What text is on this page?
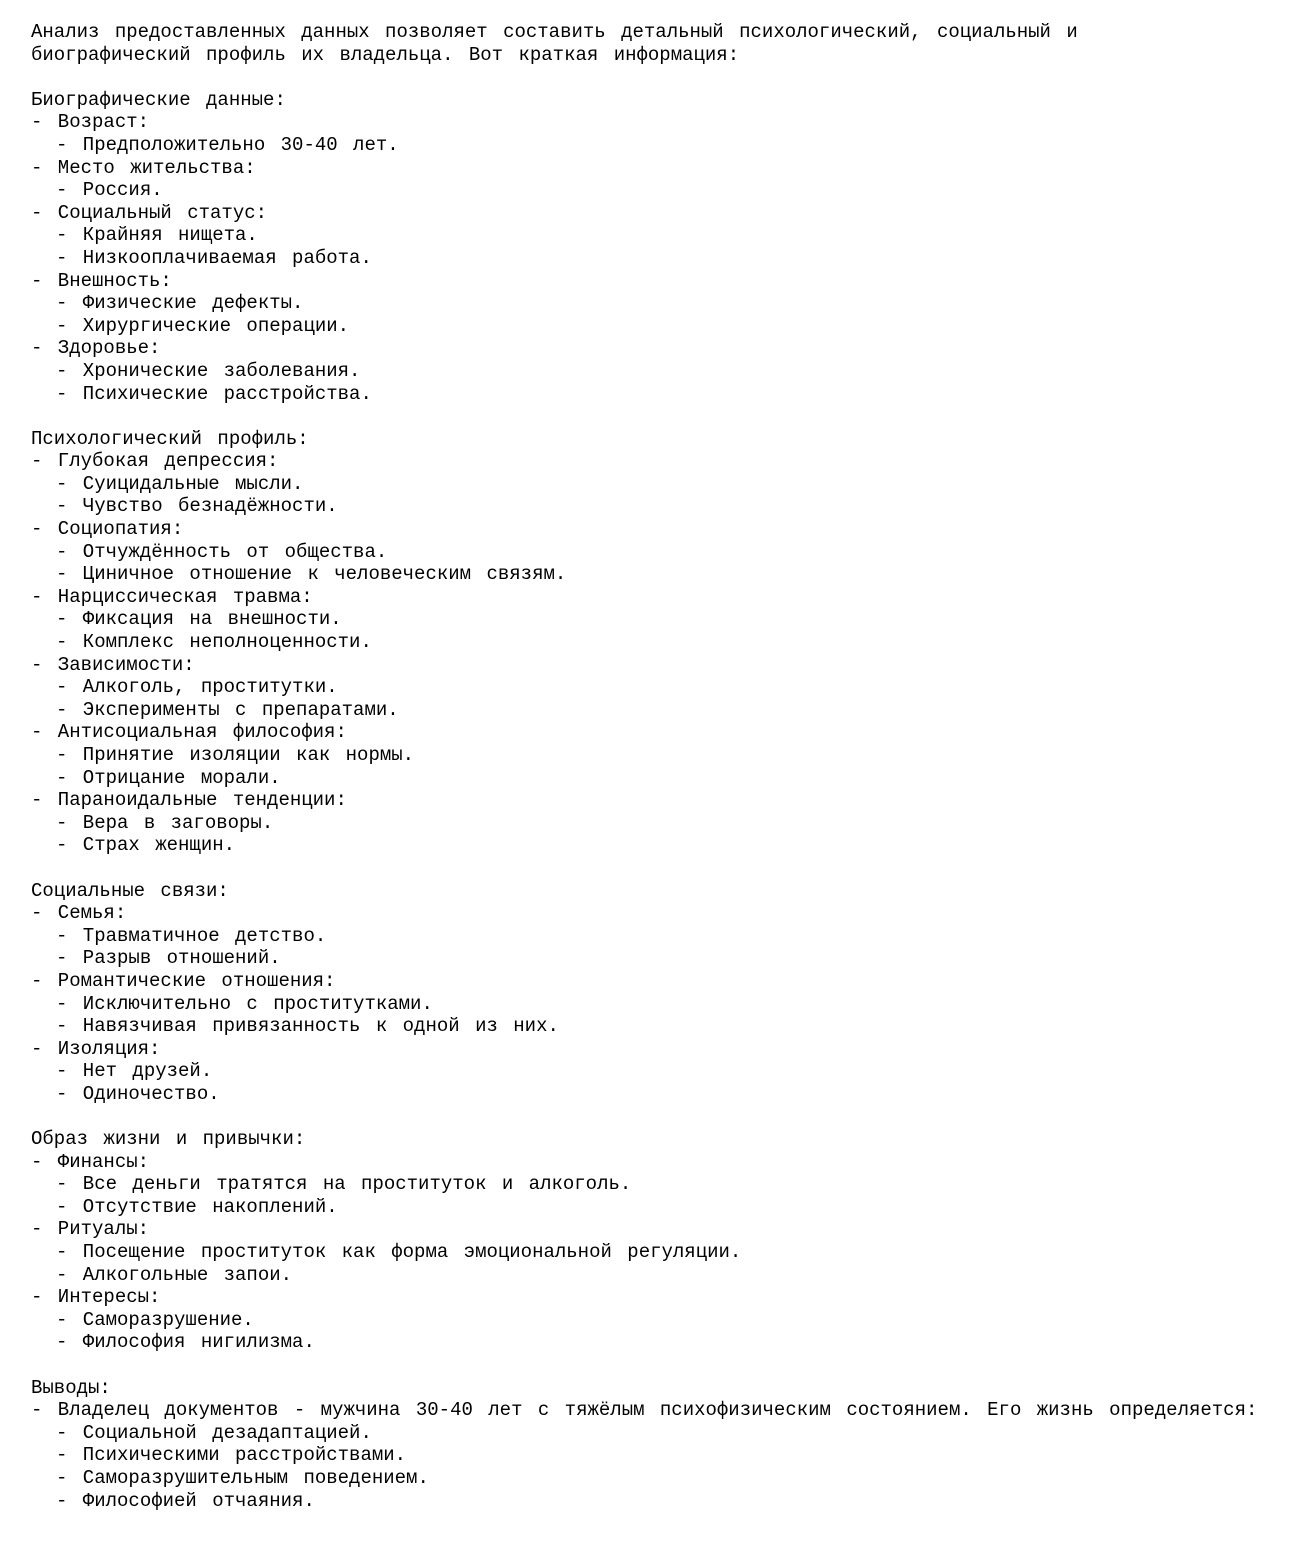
Анализ предоставленных данных позволяет составить детальный психологический, социальный и
биографический профиль их владельца. Вот краткая информация:

Биографические данные:
- Возраст:
- Предположительно 30-40 лет.
- Место жительства:
- Россия.
- Социальный статус:
- Крайняя нищета.
- Низкооплачиваемая работа.
- Внешность:
- Физические дефекты.
- Хирургические операции.
- Здоровье:
- Хронические заболевания.
- Психические расстройства.

Психологический профиль:
- Глубокая депрессия:
- Суицидальные мысли.
- Чувство безнадёжности.
- Социопатия:
- Отчуждённость от общества.
- Циничное отношение к человеческим связям.
- Нарциссическая травма:
- Фиксация на внешности.
- Комплекс неполноценности.
- Зависимости:
- Алкоголь, проститутки.
- Эксперименты с препаратами.
- Антисоциальная философия:
- Принятие изоляции как нормы.
- Отрицание морали.
- Параноидальные тенденции:
- Вера в заговоры.
- Страх женщин.

Социальные связи:
- Семья:
- Травматичное детство.
- Разрыв отношений.
- Романтические отношения:
- Исключительно с проститутками.
- Навязчивая привязанность к одной из них.
- Изоляция:
- Нет друзей.
- Одиночество.

Образ жизни и привычки:
- Финансы:
- Все деньги тратятся на проституток и алкоголь.
- Отсутствие накоплений.
- Ритуалы:
- Посещение проституток как форма эмоциональной регуляции.
- Алкогольные запои.
- Интересы:
- Саморазрушение.
- Философия нигилизма.

Выводы:
- Владелец документов - мужчина 30-40 лет с тяжёлым психофизическим состоянием. Его жизнь определяется:
- Социальной дезадаптацией.
- Психическими расстройствами.
- Саморазрушительным поведением.
- Философией отчаяния.
